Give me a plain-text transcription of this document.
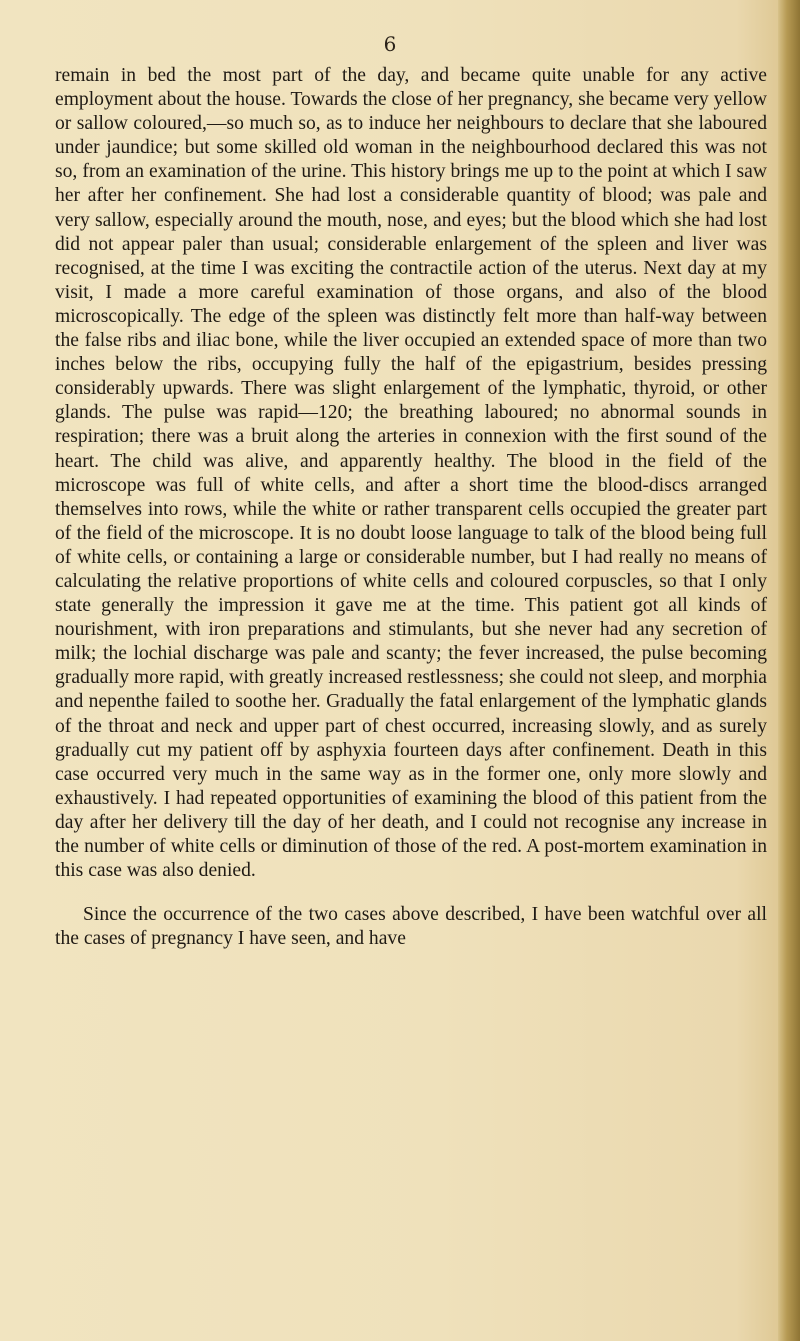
6

remain in bed the most part of the day, and became quite unable for any active employment about the house. Towards the close of her pregnancy, she became very yellow or sallow coloured,—so much so, as to induce her neighbours to declare that she laboured under jaundice; but some skilled old woman in the neighbourhood declared this was not so, from an examination of the urine. This history brings me up to the point at which I saw her after her confinement. She had lost a considerable quantity of blood; was pale and very sallow, especially around the mouth, nose, and eyes; but the blood which she had lost did not appear paler than usual; considerable enlargement of the spleen and liver was recognised, at the time I was exciting the contractile action of the uterus. Next day at my visit, I made a more careful examination of those organs, and also of the blood microscopically. The edge of the spleen was distinctly felt more than half-way between the false ribs and iliac bone, while the liver occupied an extended space of more than two inches below the ribs, occupying fully the half of the epigastrium, besides pressing considerably upwards. There was slight enlargement of the lymphatic, thyroid, or other glands. The pulse was rapid—120; the breathing laboured; no abnormal sounds in respiration; there was a bruit along the arteries in connexion with the first sound of the heart. The child was alive, and apparently healthy. The blood in the field of the microscope was full of white cells, and after a short time the blood-discs arranged themselves into rows, while the white or rather transparent cells occupied the greater part of the field of the microscope. It is no doubt loose language to talk of the blood being full of white cells, or containing a large or considerable number, but I had really no means of calculating the relative proportions of white cells and coloured corpuscles, so that I only state generally the impression it gave me at the time. This patient got all kinds of nourishment, with iron preparations and stimulants, but she never had any secretion of milk; the lochial discharge was pale and scanty; the fever increased, the pulse becoming gradually more rapid, with greatly increased restlessness; she could not sleep, and morphia and nepenthe failed to soothe her. Gradually the fatal enlargement of the lymphatic glands of the throat and neck and upper part of chest occurred, increasing slowly, and as surely gradually cut my patient off by asphyxia fourteen days after confinement. Death in this case occurred very much in the same way as in the former one, only more slowly and exhaustively. I had repeated opportunities of examining the blood of this patient from the day after her delivery till the day of her death, and I could not recognise any increase in the number of white cells or diminution of those of the red. A post-mortem examination in this case was also denied.

Since the occurrence of the two cases above described, I have been watchful over all the cases of pregnancy I have seen, and have
